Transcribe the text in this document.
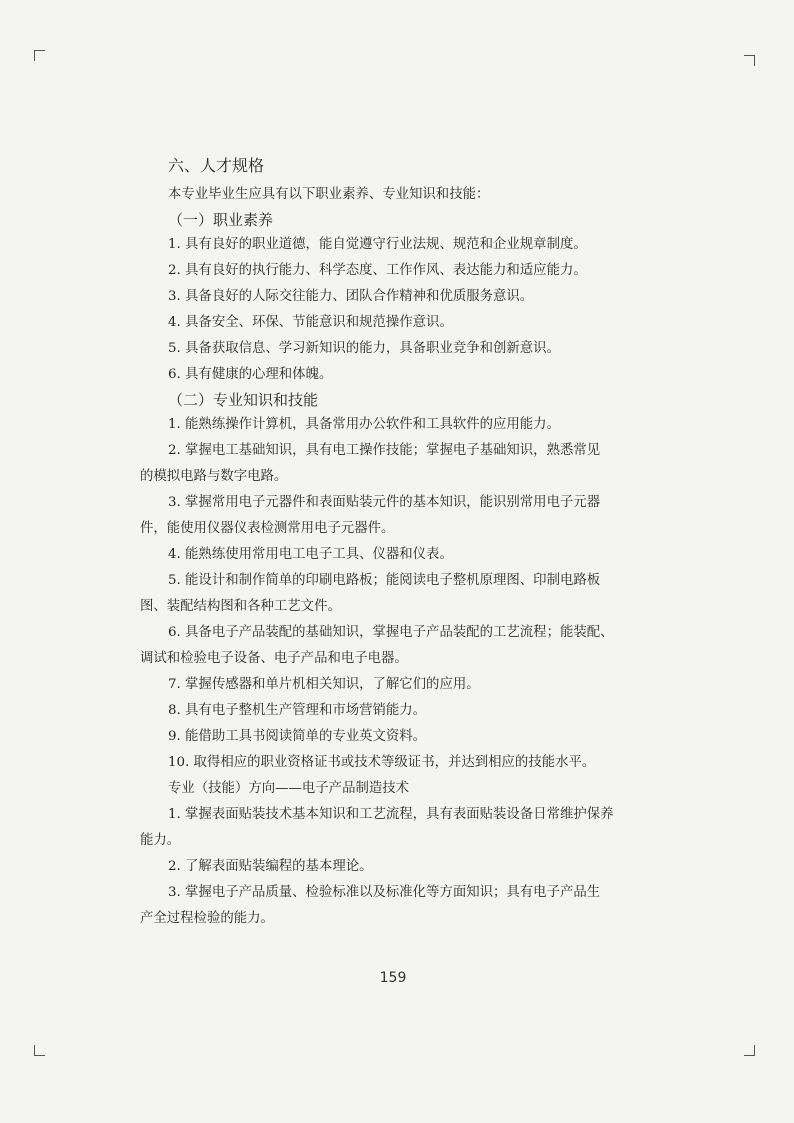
六、人才规格
本专业毕业生应具有以下职业素养、专业知识和技能：
（一）职业素养
1. 具有良好的职业道德，能自觉遵守行业法规、规范和企业规章制度。
2. 具有良好的执行能力、科学态度、工作作风、表达能力和适应能力。
3. 具备良好的人际交往能力、团队合作精神和优质服务意识。
4. 具备安全、环保、节能意识和规范操作意识。
5. 具备获取信息、学习新知识的能力，具备职业竞争和创新意识。
6. 具有健康的心理和体魄。
（二）专业知识和技能
1. 能熟练操作计算机，具备常用办公软件和工具软件的应用能力。
2. 掌握电工基础知识，具有电工操作技能；掌握电子基础知识，熟悉常见
的模拟电路与数字电路。
3. 掌握常用电子元器件和表面贴装元件的基本知识，能识别常用电子元器
件，能使用仪器仪表检测常用电子元器件。
4. 能熟练使用常用电工电子工具、仪器和仪表。
5. 能设计和制作简单的印刷电路板；能阅读电子整机原理图、印制电路板
图、装配结构图和各种工艺文件。
6. 具备电子产品装配的基础知识，掌握电子产品装配的工艺流程；能装配、
调试和检验电子设备、电子产品和电子电器。
7. 掌握传感器和单片机相关知识，了解它们的应用。
8. 具有电子整机生产管理和市场营销能力。
9. 能借助工具书阅读简单的专业英文资料。
10. 取得相应的职业资格证书或技术等级证书，并达到相应的技能水平。
专业（技能）方向——电子产品制造技术
1. 掌握表面贴装技术基本知识和工艺流程，具有表面贴装设备日常维护保养
能力。
2. 了解表面贴装编程的基本理论。
3. 掌握电子产品质量、检验标准以及标准化等方面知识；具有电子产品生
产全过程检验的能力。
159
